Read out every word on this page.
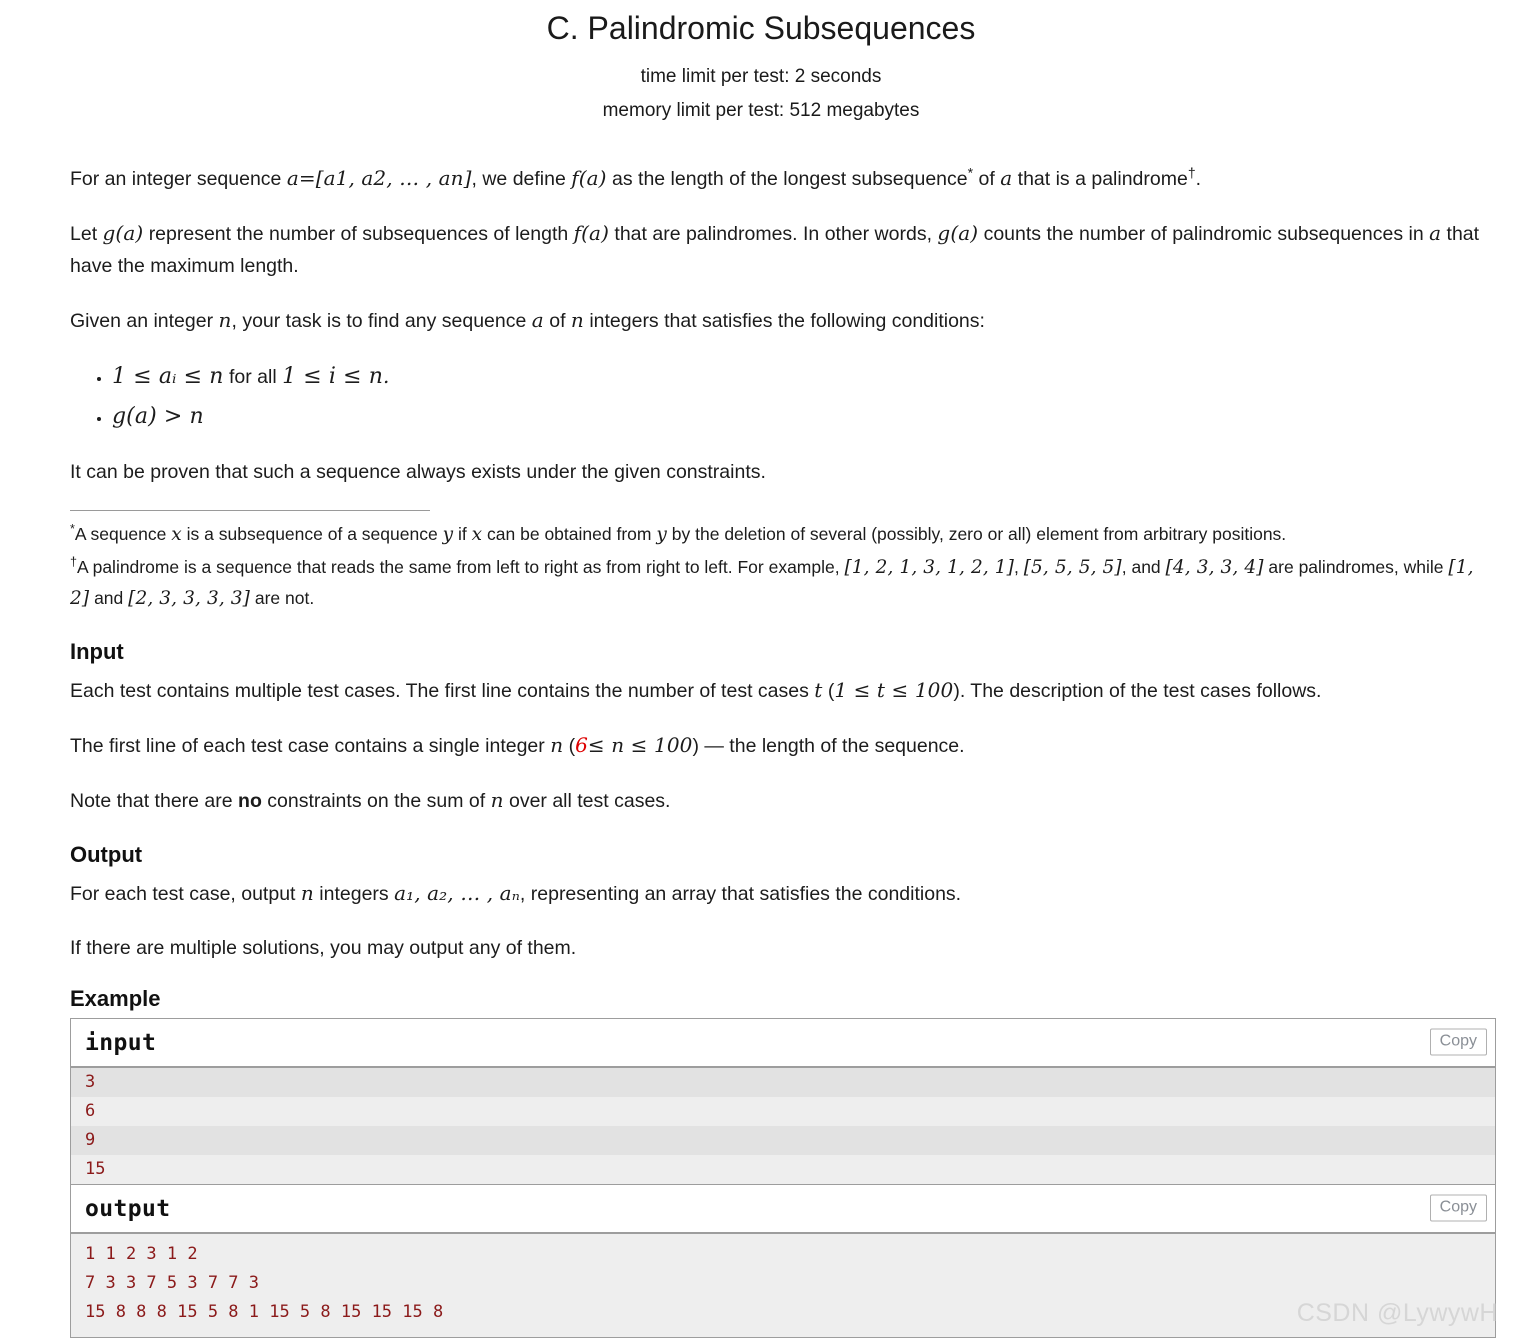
C. Palindromic Subsequences
time limit per test: 2 seconds
memory limit per test: 512 megabytes

For an integer sequence a=[a1, a2, … , an], we define f(a) as the length of the longest subsequence* of a that is a palindrome†.

Let g(a) represent the number of subsequences of length f(a) that are palindromes. In other words, g(a) counts the number of palindromic subsequences in a that have the maximum length.

Given an integer n, your task is to find any sequence a of n integers that satisfies the following conditions:

• 1 ≤ aᵢ ≤ n for all 1 ≤ i ≤ n.
• g(a) > n

It can be proven that such a sequence always exists under the given constraints.

*A sequence x is a subsequence of a sequence y if x can be obtained from y by the deletion of several (possibly, zero or all) element from arbitrary positions.

†A palindrome is a sequence that reads the same from left to right as from right to left. For example, [1, 2, 1, 3, 1, 2, 1], [5, 5, 5, 5], and [4, 3, 3, 4] are palindromes, while [1, 2] and [2, 3, 3, 3, 3] are not.

Input

Each test contains multiple test cases. The first line contains the number of test cases t (1 ≤ t ≤ 100). The description of the test cases follows.

The first line of each test case contains a single integer n (6≤ n ≤ 100) — the length of the sequence.

Note that there are no constraints on the sum of n over all test cases.

Output

For each test case, output n integers a₁, a₂, … , aₙ, representing an array that satisfies the conditions.

If there are multiple solutions, you may output any of them.

Example
input	Copy
3
6
9
15
output	Copy
1 1 2 3 1 2
7 3 3 7 5 3 7 7 3
15 8 8 8 15 5 8 1 15 5 8 15 15 15 8	CSDN @LywywH
